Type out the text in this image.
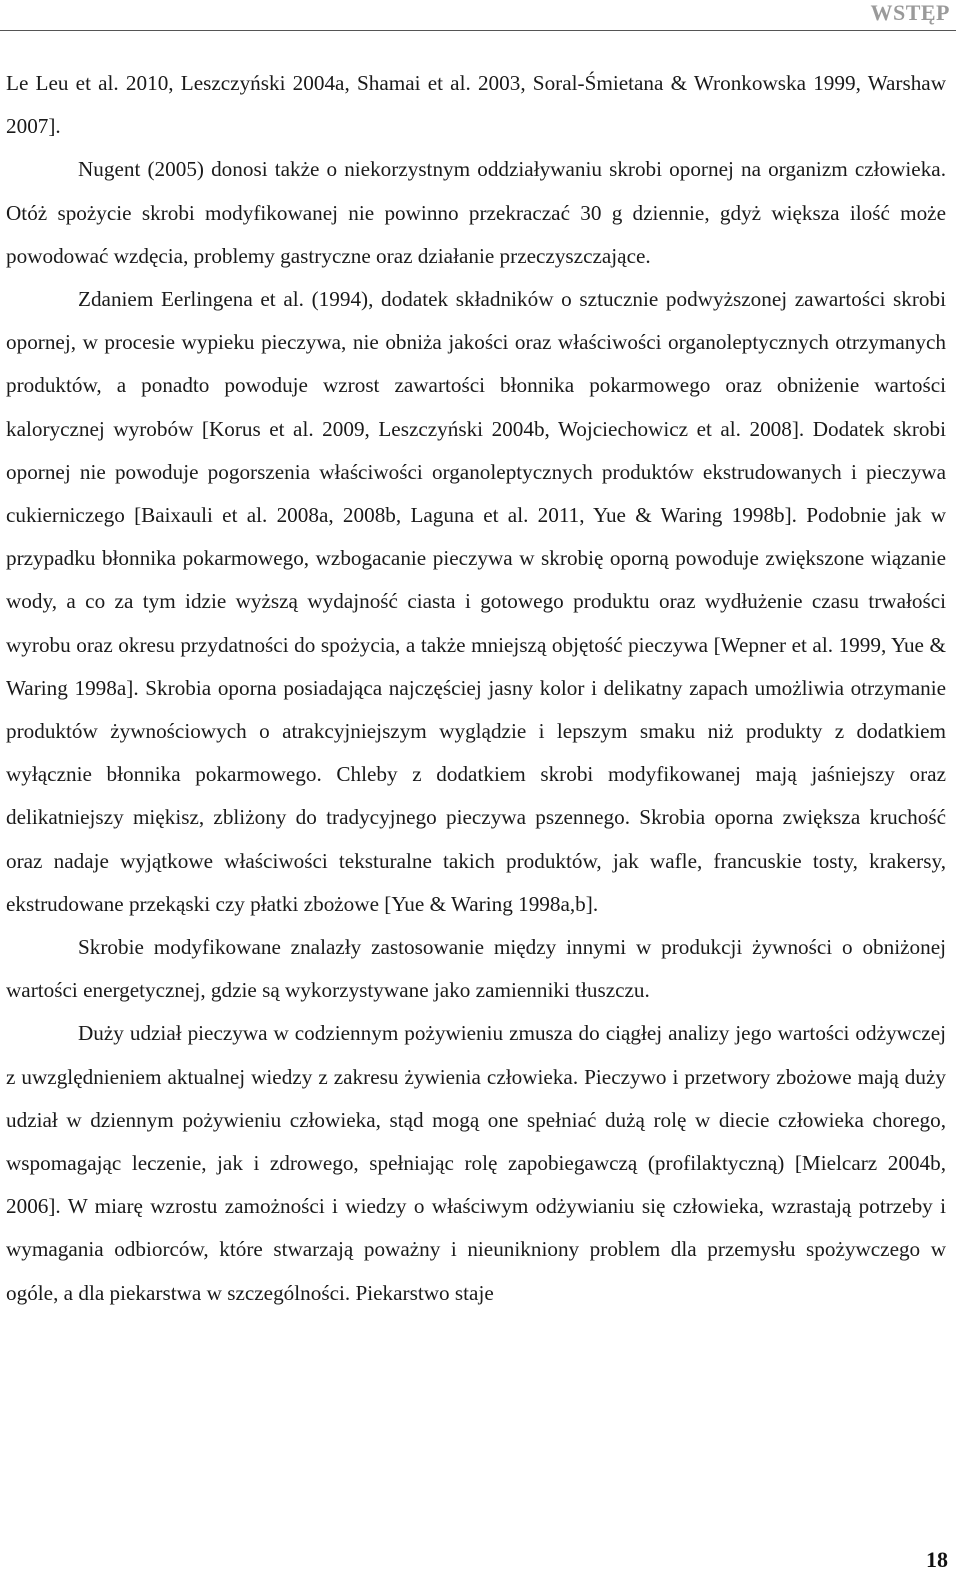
WSTĘP

Le Leu et al. 2010, Leszczyński 2004a, Shamai et al. 2003, Soral-Śmietana & Wronkowska 1999, Warshaw 2007].

Nugent (2005) donosi także o niekorzystnym oddziaływaniu skrobi opornej na organizm człowieka. Otóż spożycie skrobi modyfikowanej nie powinno przekraczać 30 g dziennie, gdyż większa ilość może powodować wzdęcia, problemy gastryczne oraz działanie przeczyszczające.

Zdaniem Eerlingena et al. (1994), dodatek składników o sztucznie podwyższonej zawartości skrobi opornej, w procesie wypieku pieczywa, nie obniża jakości oraz właściwości organoleptycznych otrzymanych produktów, a ponadto powoduje wzrost zawartości błonnika pokarmowego oraz obniżenie wartości kalorycznej wyrobów [Korus et al. 2009, Leszczyński 2004b, Wojciechowicz et al. 2008]. Dodatek skrobi opornej nie powoduje pogorszenia właściwości organoleptycznych produktów ekstrudowanych i pieczywa cukierniczego [Baixauli et al. 2008a, 2008b, Laguna et al. 2011, Yue & Waring 1998b]. Podobnie jak w przypadku błonnika pokarmowego, wzbogacanie pieczywa w skrobię oporną powoduje zwiększone wiązanie wody, a co za tym idzie wyższą wydajność ciasta i gotowego produktu oraz wydłużenie czasu trwałości wyrobu oraz okresu przydatności do spożycia, a także mniejszą objętość pieczywa [Wepner et al. 1999, Yue & Waring 1998a]. Skrobia oporna posiadająca najczęściej jasny kolor i delikatny zapach umożliwia otrzymanie produktów żywnościowych o atrakcyjniejszym wyglądzie i lepszym smaku niż produkty z dodatkiem wyłącznie błonnika pokarmowego. Chleby z dodatkiem skrobi modyfikowanej mają jaśniejszy oraz delikatniejszy miękisz, zbliżony do tradycyjnego pieczywa pszennego. Skrobia oporna zwiększa kruchość oraz nadaje wyjątkowe właściwości teksturalne takich produktów, jak wafle, francuskie tosty, krakersy, ekstrudowane przekąski czy płatki zbożowe [Yue & Waring 1998a,b].

Skrobie modyfikowane znalazły zastosowanie między innymi w produkcji żywności o obniżonej wartości energetycznej, gdzie są wykorzystywane jako zamienniki tłuszczu.

Duży udział pieczywa w codziennym pożywieniu zmusza do ciągłej analizy jego wartości odżywczej z uwzględnieniem aktualnej wiedzy z zakresu żywienia człowieka. Pieczywo i przetwory zbożowe mają duży udział w dziennym pożywieniu człowieka, stąd mogą one spełniać dużą rolę w diecie człowieka chorego, wspomagając leczenie, jak i zdrowego, spełniając rolę zapobiegawczą (profilaktyczną) [Mielcarz 2004b, 2006]. W miarę wzrostu zamożności i wiedzy o właściwym odżywianiu się człowieka, wzrastają potrzeby i wymagania odbiorców, które stwarzają poważny i nieunikniony problem dla przemysłu spożywczego w ogóle, a dla piekarstwa w szczególności. Piekarstwo staje

18
